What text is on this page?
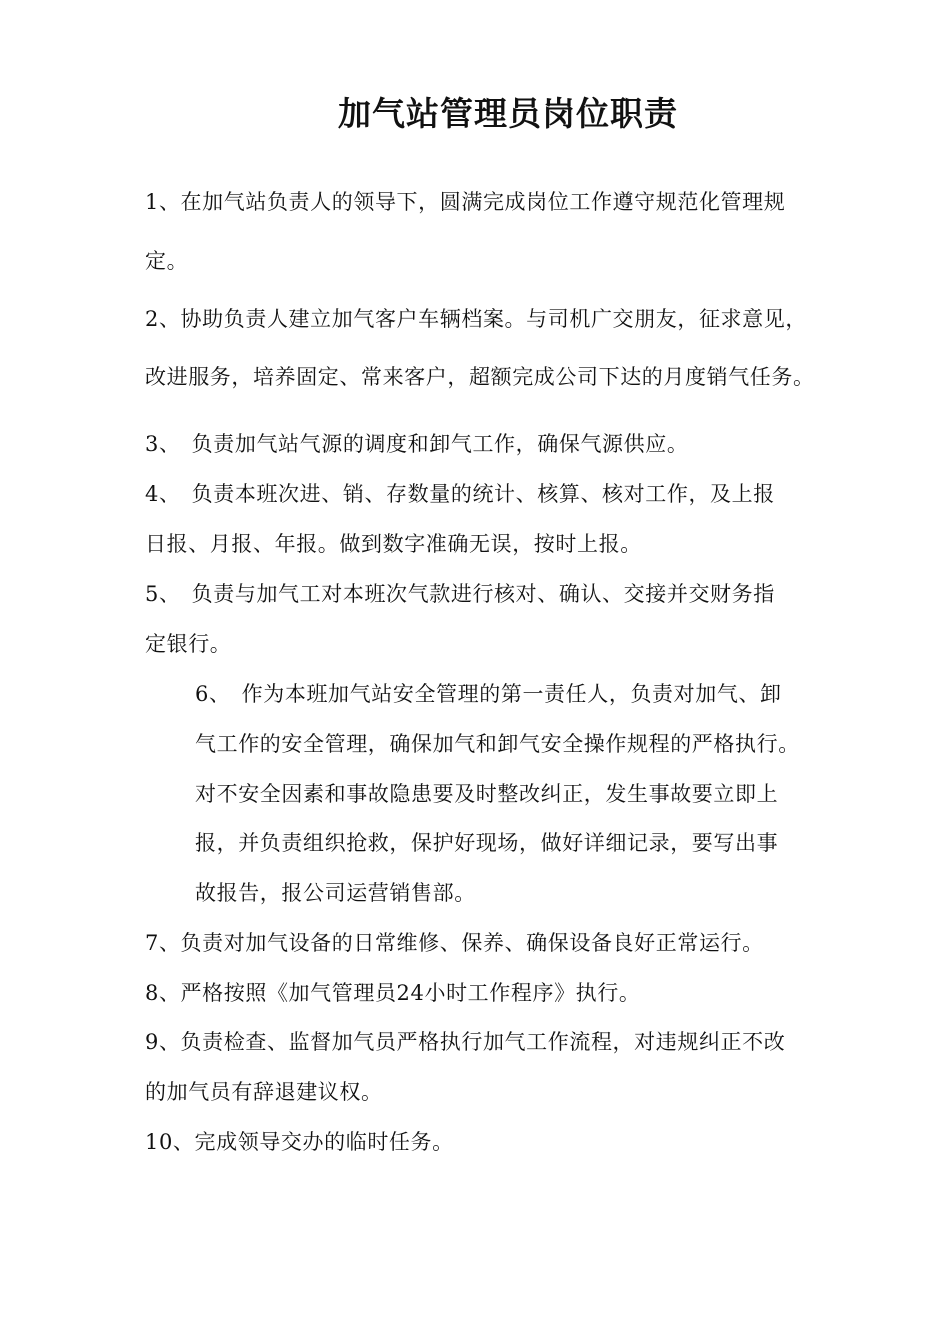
加气站管理员岗位职责
1、在加气站负责人的领导下，圆满完成岗位工作遵守规范化管理规
定。
2、协助负责人建立加气客户车辆档案。与司机广交朋友，征求意见，
改进服务，培养固定、常来客户，超额完成公司下达的月度销气任务。
3、　负责加气站气源的调度和卸气工作，确保气源供应。
4、　负责本班次进、销、存数量的统计、核算、核对工作，及上报
日报、月报、年报。做到数字准确无误，按时上报。
5、　负责与加气工对本班次气款进行核对、确认、交接并交财务指
定银行。
6、　作为本班加气站安全管理的第一责任人，负责对加气、卸
气工作的安全管理，确保加气和卸气安全操作规程的严格执行。
对不安全因素和事故隐患要及时整改纠正，发生事故要立即上
报，并负责组织抢救，保护好现场，做好详细记录，要写出事
故报告，报公司运营销售部。
7、负责对加气设备的日常维修、保养、确保设备良好正常运行。
8、严格按照《加气管理员24小时工作程序》执行。
9、负责检查、监督加气员严格执行加气工作流程，对违规纠正不改
的加气员有辞退建议权。
10、完成领导交办的临时任务。
